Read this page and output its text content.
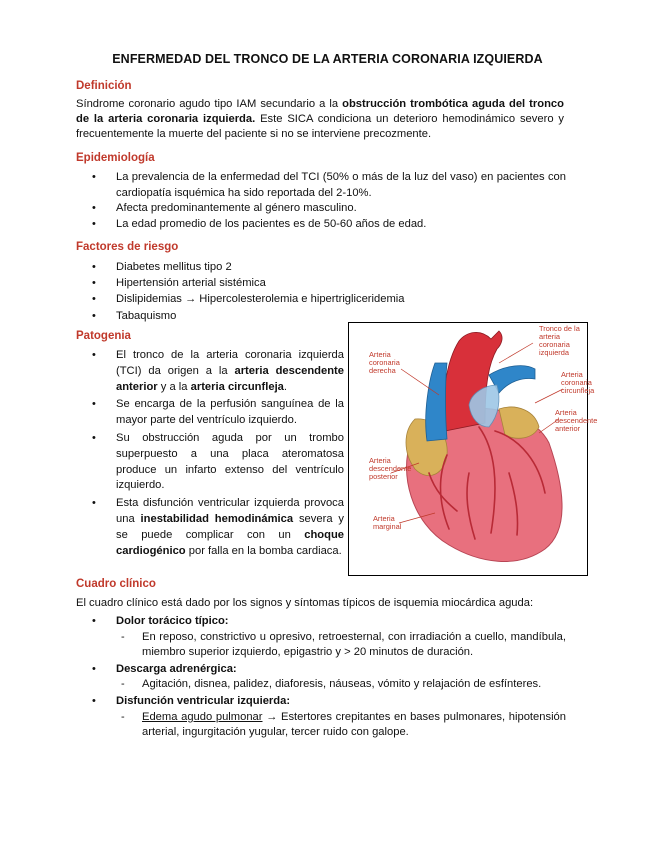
ENFERMEDAD DEL TRONCO DE LA ARTERIA CORONARIA IZQUIERDA
Definición
Síndrome coronario agudo tipo IAM secundario a la obstrucción trombótica aguda del tronco de la arteria coronaria izquierda. Este SICA condiciona un deterioro hemodinámico severo y frecuentemente la muerte del paciente si no se interviene precozmente.
Epidemiología
• La prevalencia de la enfermedad del TCI (50% o más de la luz del vaso) en pacientes con cardiopatía isquémica ha sido reportada del 2-10%.
• Afecta predominantemente al género masculino.
• La edad promedio de los pacientes es de 50-60 años de edad.
Factores de riesgo
• Diabetes mellitus tipo 2
• Hipertensión arterial sistémica
• Dislipidemias → Hipercolesterolemia e hipertrigliceridemia
• Tabaquismo
Patogenia
• El tronco de la arteria coronaria izquierda (TCI) da origen a la arteria descendente anterior y a la arteria circunfleja.
• Se encarga de la perfusión sanguínea de la mayor parte del ventrículo izquierdo.
• Su obstrucción aguda por un trombo superpuesto a una placa ateromatosa produce un infarto extenso del ventrículo izquierdo.
• Esta disfunción ventricular izquierda provoca una inestabilidad hemodinámica severa y se puede complicar con un choque cardiogénico por falla en la bomba cardiaca.
Tronco de la arteria coronaria izquierda
Arteria coronaria derecha	Arteria coronaria circunfleja
Arteria descendente anterior
Arteria descendente posterior
Arteria marginal
Cuadro clínico
El cuadro clínico está dado por los signos y síntomas típicos de isquemia miocárdica aguda:
• Dolor torácico típico:
- En reposo, constrictivo u opresivo, retroesternal, con irradiación a cuello, mandíbula, miembro superior izquierdo, epigastrio y > 20 minutos de duración.
• Descarga adrenérgica:
- Agitación, disnea, palidez, diaforesis, náuseas, vómito y relajación de esfínteres.
• Disfunción ventricular izquierda:
- Edema agudo pulmonar → Estertores crepitantes en bases pulmonares, hipotensión arterial, ingurgitación yugular, tercer ruido con galope.
